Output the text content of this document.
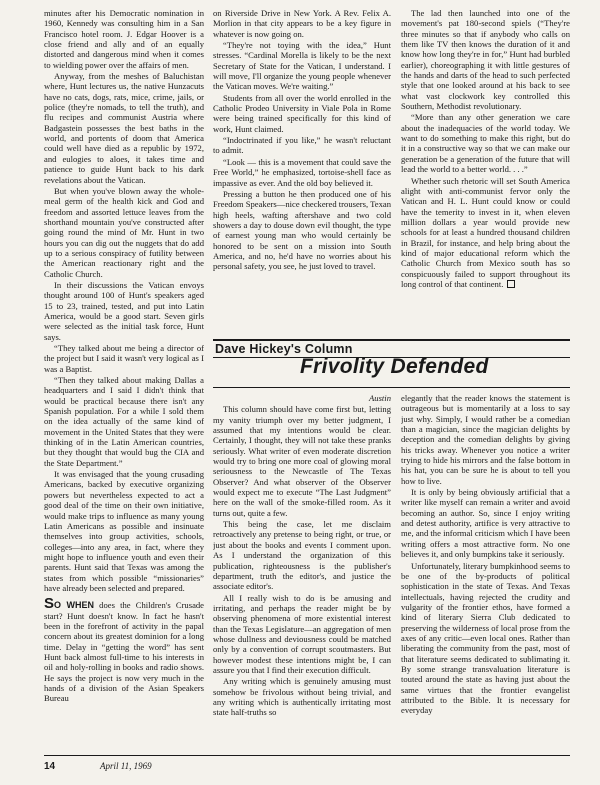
minutes after his Democratic nomination in 1960, Kennedy was consulting him in a San Francisco hotel room. J. Edgar Hoover is a close friend and ally and of an equally distorted and dangerous mind when it comes to wielding power over the affairs of men.

Anyway, from the meshes of Baluchistan where, Hunt lectures us, the native Hunzacuts have no cats, dogs, rats, mice, crime, jails, or police (they're nomads, to tell the truth), and flu recipes and communist Austria where Badgastein possesses the best baths in the world, and portents of doom that America could well have died as a republic by 1972, and eulogies to aloes, it takes time and patience to guide Hunt back to his dark revelations about the Vatican.

But when you've blown away the whole-meal germ of the health kick and God and freedom and assorted lettuce leaves from the shorthand mountain you've constructed after going round the mind of Mr. Hunt in two hours you can dig out the nuggets that do add up to a serious conspiracy of futility between the American reactionary right and the Catholic Church.

In their discussions the Vatican envoys thought around 100 of Hunt's speakers aged 15 to 23, trained, tested, and put into Latin America, would be a good start. Seven girls were selected as the initial task force, Hunt says.

“They talked about me being a director of the project but I said it wasn't very logical as I was a Baptist.

“Then they talked about making Dallas a headquarters and I said I didn't think that would be practical because there isn't any Spanish population. For a while I sold them on the idea actually of the same kind of movement in the United States that they were thinking of in the Latin American countries, but they thought that would bug the CIA and the State Department.”

It was envisaged that the young crusading Americans, backed by executive organizing powers but nevertheless expected to act a good deal of the time on their own initiative, would make trips to influence as many young Latin Americans as possible and insinuate themselves into group activities, schools, colleges—into any area, in fact, where they might hope to influence youth and even their parents. Hunt said that Texas was among the states from which possible “missionaries” have already been selected and prepared.

SO WHEN does the Children's Crusade start? Hunt doesn't know. In fact he hasn't been in the forefront of activity in the papal concern about its greatest dominion for a long time. Delay in “getting the word” has sent Hunt back almost full-time to his interests in oil and holy-rolling in books and radio shows. He says the project is now very much in the hands of a division of the Asian Speakers Bureau

on Riverside Drive in New York. A Rev. Felix A. Morlion in that city appears to be a key figure in whatever is now going on.

“They're not toying with the idea,” Hunt stresses. “Cardinal Morella is likely to be the next Secretary of State for the Vatican, I understand. I will move, I'll organize the young people whenever the Vatican moves. We're waiting.”

Students from all over the world enrolled in the Catholic Prodeo University in Viale Pola in Rome were being trained specifically for this kind of work, Hunt claimed.

“Indoctrinated if you like,” he wasn't reluctant to admit.

“Look — this is a movement that could save the Free World,” he emphasized, tortoise-shell face as impassive as ever. And the old boy believed it.

Pressing a button he then produced one of his Freedom Speakers—nice checkered trousers, Texan high heels, wafting aftershave and two cold showers a day to douse down evil thought, the type of earnest young man who would certainly be honored to be sent on a mission into South America, and no, he'd have no worries about his personal safety, you see, he just loved to travel.

The lad then launched into one of the movement's pat 180-second spiels (“They're three minutes so that if anybody who calls on them like TV then knows the duration of it and know how long they're in for,” Hunt had burbled earlier), choreographing it with little gestures of the hands and darts of the head to such perfected style that one looked around at his back to see what vast clockwork key controlled this Southern, Methodist revolutionary.

“More than any other generation we care about the inadequacies of the world today. We want to do something to make this right, but do it in a constructive way so that we can make our generation be a generation of the future that will lead the world to a better world. . . .”

Whether such rhetoric will set South America alight with anti-communist fervor only the Vatican and H. L. Hunt could know or could have the temerity to invest in it, when eleven million dollars a year would provide new schools for at least a hundred thousand children in Brazil, for instance, and help bring about the kind of major educational reform which the Catholic Church from Mexico south has so conspicuously failed to support throughout its long control of that continent.

Dave Hickey's Column
Frivolity Defended

Austin

This column should have come first but, letting my vanity triumph over my better judgment, I assumed that my intentions would be clear. Certainly, I thought, they will not take these pranks seriously. What writer of even moderate discretion would try to bring one more coal of glowing moral seriousness to the Newcastle of The Texas Observer? And what observer of the Observer would expect me to execute “The Last Judgment” here on the wall of the smoke-filled room. As it turns out, quite a few.

This being the case, let me disclaim retroactively any pretense to being right, or true, or just about the books and events I comment upon. As I understand the organization of this publication, righteousness is the publisher's department, truth the editor's, and justice the associate editor's.

All I really wish to do is be amusing and irritating, and perhaps the reader might be by observing phenomena of more existential interest than the Texas Legislature—an aggregation of men whose dullness and deviousness could be matched only by a convention of corrupt scoutmasters. But however modest these intentions might be, I can assure you that I find their execution difficult.

Any writing which is genuinely amusing must somehow be frivolous without being trivial, and any writing which is authentically irritating most state half-truths so

elegantly that the reader knows the statement is outrageous but is momentarily at a loss to say just why. Simply, I would rather be a comedian than a magician, since the magician delights by deception and the comedian delights by giving his tricks away. Whenever you notice a writer trying to hide his mirrors and the false bottom in his hat, you can be sure he is about to tell you how to live.

It is only by being obviously artificial that a writer like myself can remain a writer and avoid becoming an author. So, since I enjoy writing and detest authority, artifice is very attractive to me, and the informal criticism which I have been writing offers a most attractive form. No one believes it, and only bumpkins take it seriously.

Unfortunately, literary bumpkinhood seems to be one of the by-products of political sophistication in the state of Texas. And Texas intellectuals, having rejected the crudity and vulgarity of the frontier ethos, have formed a kind of literary Sierra Club dedicated to preserving the wilderness of local prose from the axes of any critic—even local ones. Rather than liberating the community from the past, most of that literature seems dedicated to sublimating it. By some strange transvaluation literature is touted around the state as having just about the same virtues that the frontier evangelist attributed to the Bible. It is necessary for everyday

14	April 11, 1969
